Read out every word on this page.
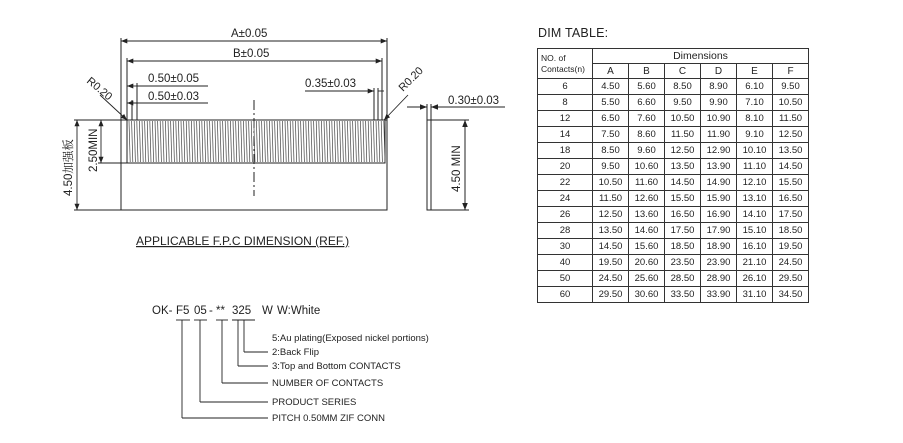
A±0.05
B±0.05
0.50±0.05
0.50±0.03
0.35±0.03
0.30±0.03
R0.20	R0.20
4.50加强板 2.50MIN	4.50 MIN
APPLICABLE F.P.C DIMENSION (REF.)
OK- F5 05 - ** 325 W W:White
5:Au plating(Exposed nickel portions)
2:Back Flip
3:Top and Bottom CONTACTS
NUMBER OF CONTACTS
PRODUCT SERIES
PITCH 0.50MM ZIF CONN
DIM TABLE:
NO. of
Contacts(n)	Dimensions					
	A	B	C	D	E	F
6	4.50	5.60	8.50	8.90	6.10	9.50
8	5.50	6.60	9.50	9.90	7.10	10.50
12	6.50	7.60	10.50	10.90	8.10	11.50
14	7.50	8.60	11.50	11.90	9.10	12.50
18	8.50	9.60	12.50	12.90	10.10	13.50
20	9.50	10.60	13.50	13.90	11.10	14.50
22	10.50	11.60	14.50	14.90	12.10	15.50
24	11.50	12.60	15.50	15.90	13.10	16.50
26	12.50	13.60	16.50	16.90	14.10	17.50
28	13.50	14.60	17.50	17.90	15.10	18.50
30	14.50	15.60	18.50	18.90	16.10	19.50
40	19.50	20.60	23.50	23.90	21.10	24.50
50	24.50	25.60	28.50	28.90	26.10	29.50
60	29.50	30.60	33.50	33.90	31.10	34.50
